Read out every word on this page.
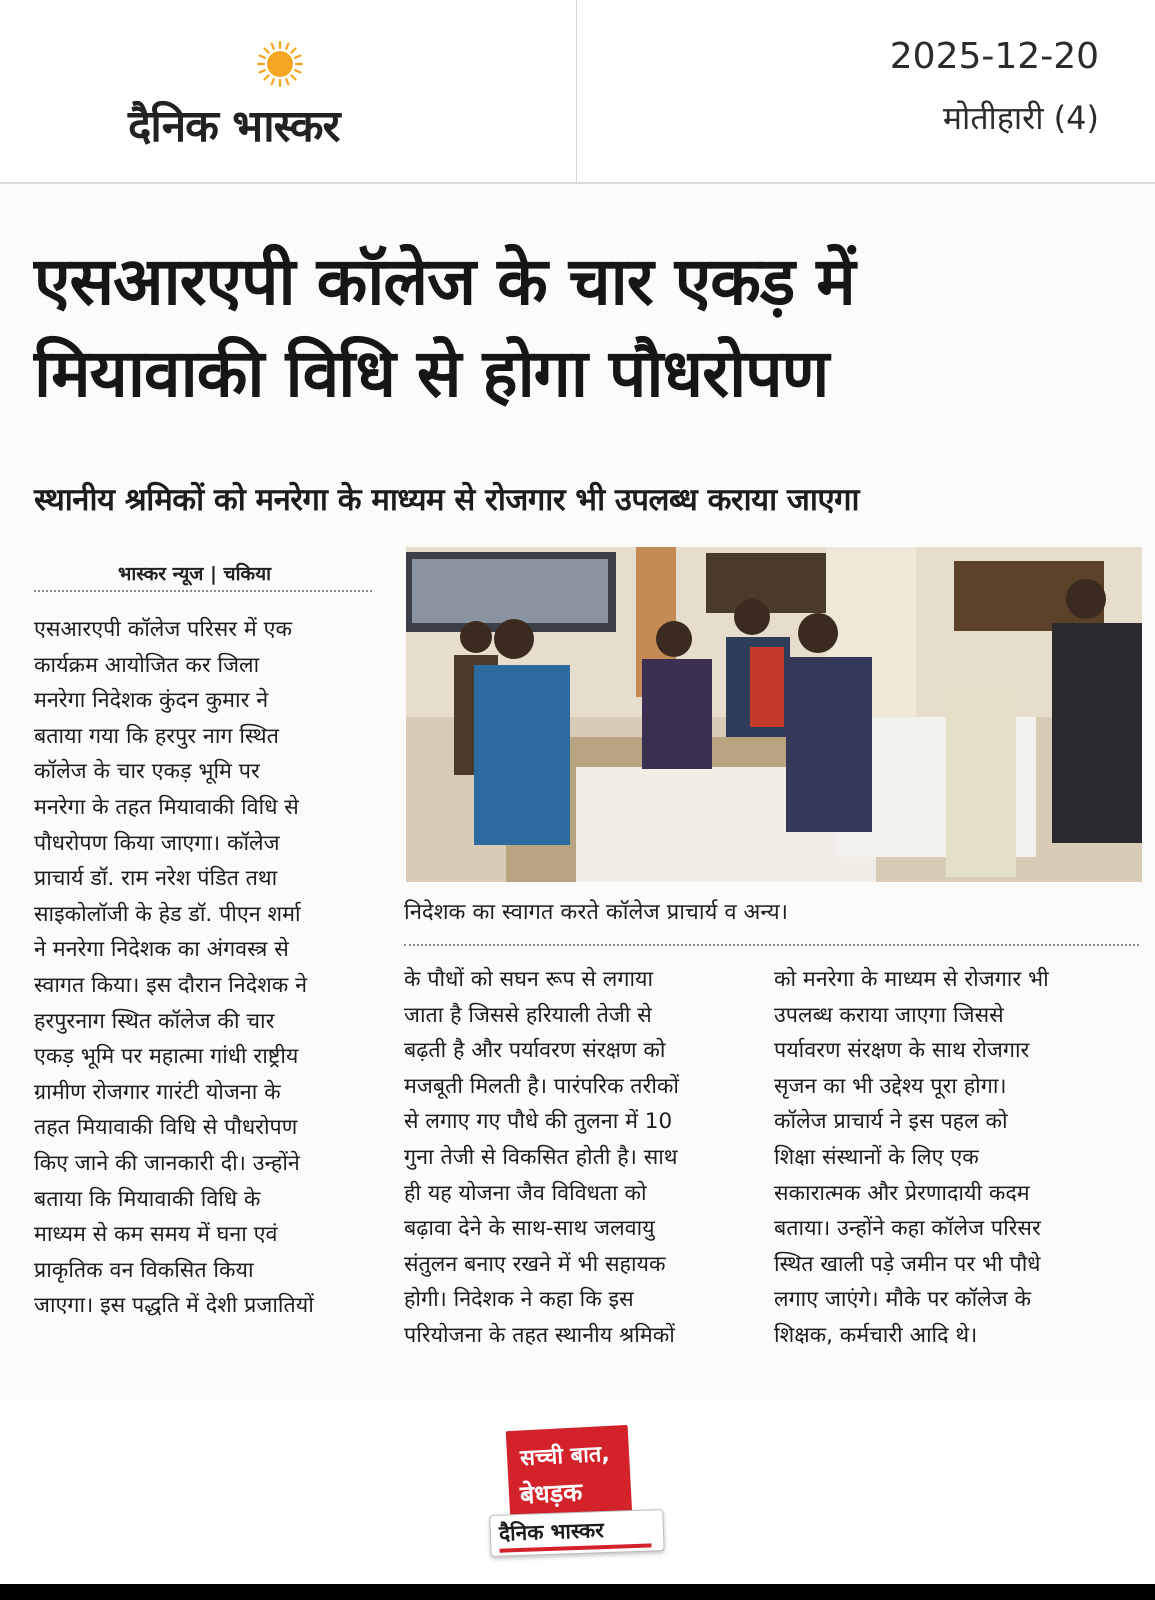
दैनिक भास्कर
2025-12-20
मोतीहारी (4)
एसआरएपी कॉलेज के चार एकड़ में
मियावाकी विधि से होगा पौधरोपण
स्थानीय श्रमिकों को मनरेगा के माध्यम से रोजगार भी उपलब्ध कराया जाएगा
भास्कर न्यूज | चकिया
एसआरएपी कॉलेज परिसर में एक
कार्यक्रम आयोजित कर जिला
मनरेगा निदेशक कुंदन कुमार ने
बताया गया कि हरपुर नाग स्थित
कॉलेज के चार एकड़ भूमि पर
मनरेगा के तहत मियावाकी विधि से
पौधरोपण किया जाएगा। कॉलेज
प्राचार्य डॉ. राम नरेश पंडित तथा
साइकोलॉजी के हेड डॉ. पीएन शर्मा
ने मनरेगा निदेशक का अंगवस्त्र से
स्वागत किया। इस दौरान निदेशक ने
हरपुरनाग स्थित कॉलेज की चार
एकड़ भूमि पर महात्मा गांधी राष्ट्रीय
ग्रामीण रोजगार गारंटी योजना के
तहत मियावाकी विधि से पौधरोपण
किए जाने की जानकारी दी। उन्होंने
बताया कि मियावाकी विधि के
माध्यम से कम समय में घना एवं
प्राकृतिक वन विकसित किया
जाएगा। इस पद्धति में देशी प्रजातियों
निदेशक का स्वागत करते कॉलेज प्राचार्य व अन्य।
के पौधों को सघन रूप से लगाया
जाता है जिससे हरियाली तेजी से
बढ़ती है और पर्यावरण संरक्षण को
मजबूती मिलती है। पारंपरिक तरीकों
से लगाए गए पौधे की तुलना में 10
गुना तेजी से विकसित होती है। साथ
ही यह योजना जैव विविधता को
बढ़ावा देने के साथ-साथ जलवायु
संतुलन बनाए रखने में भी सहायक
होगी। निदेशक ने कहा कि इस
परियोजना के तहत स्थानीय श्रमिकों
को मनरेगा के माध्यम से रोजगार भी
उपलब्ध कराया जाएगा जिससे
पर्यावरण संरक्षण के साथ रोजगार
सृजन का भी उद्देश्य पूरा होगा।
कॉलेज प्राचार्य ने इस पहल को
शिक्षा संस्थानों के लिए एक
सकारात्मक और प्रेरणादायी कदम
बताया। उन्होंने कहा कॉलेज परिसर
स्थित खाली पड़े जमीन पर भी पौधे
लगाए जाएंगे। मौके पर कॉलेज के
शिक्षक, कर्मचारी आदि थे।
सच्ची बात,
बेधड़क
दैनिक भास्कर
